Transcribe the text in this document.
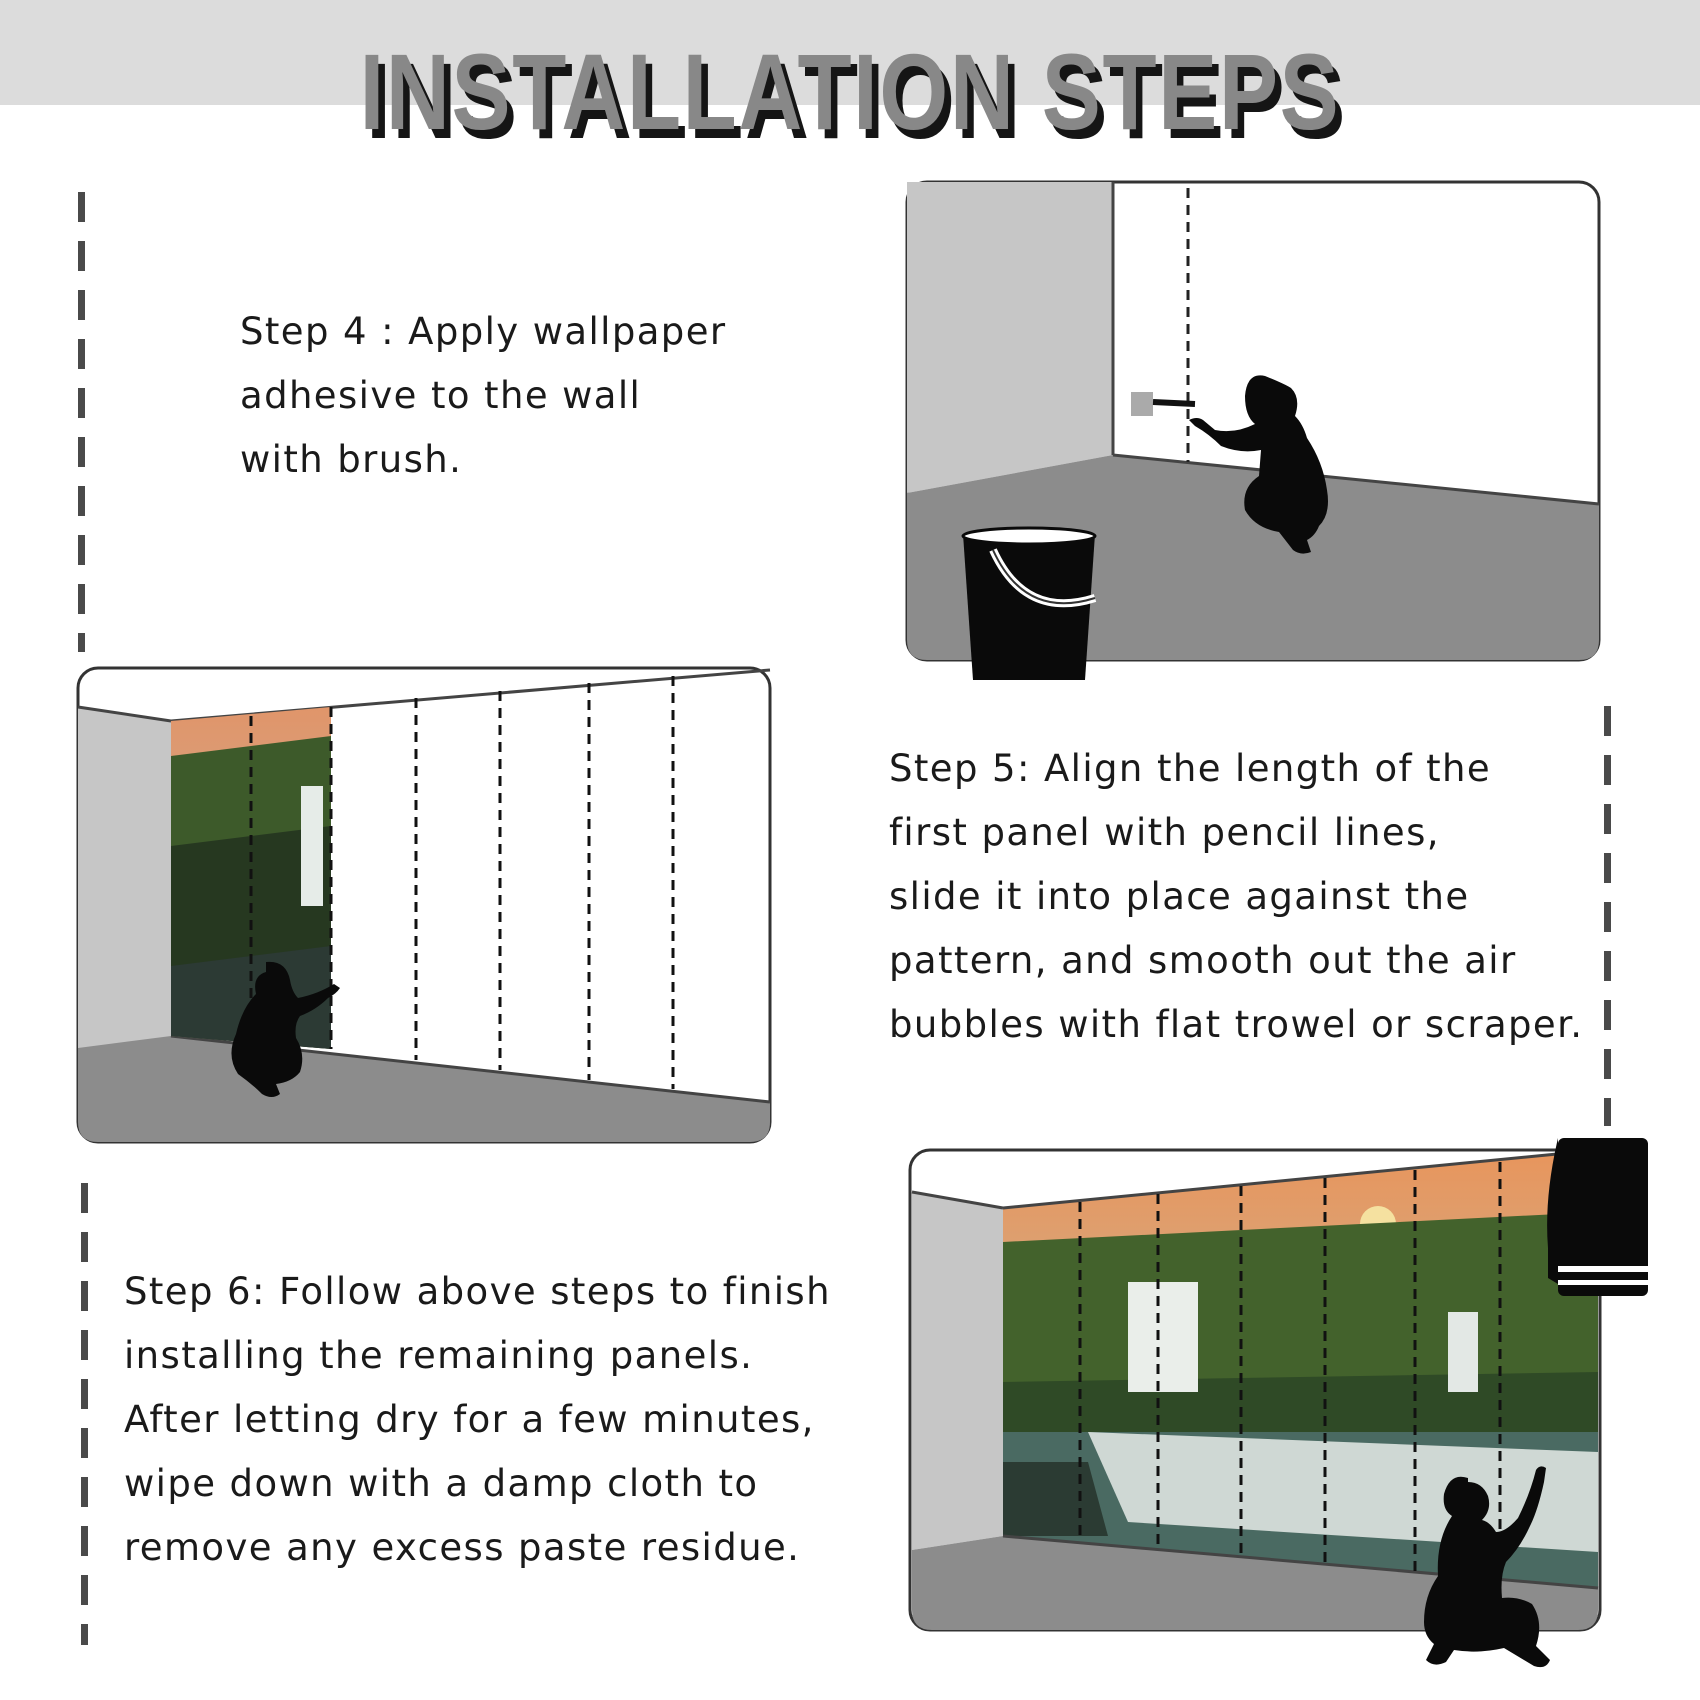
INSTALLATION STEPS
Step 4 : Apply wallpaper
adhesive to the wall
with brush.
Step 5: Align the length of the
first panel with pencil lines,
slide it into place against the
pattern, and smooth out the air
bubbles with flat trowel or scraper.
Step 6: Follow above steps to finish
installing the remaining panels.
After letting dry for a few minutes,
wipe down with a damp cloth to
remove any excess paste residue.
